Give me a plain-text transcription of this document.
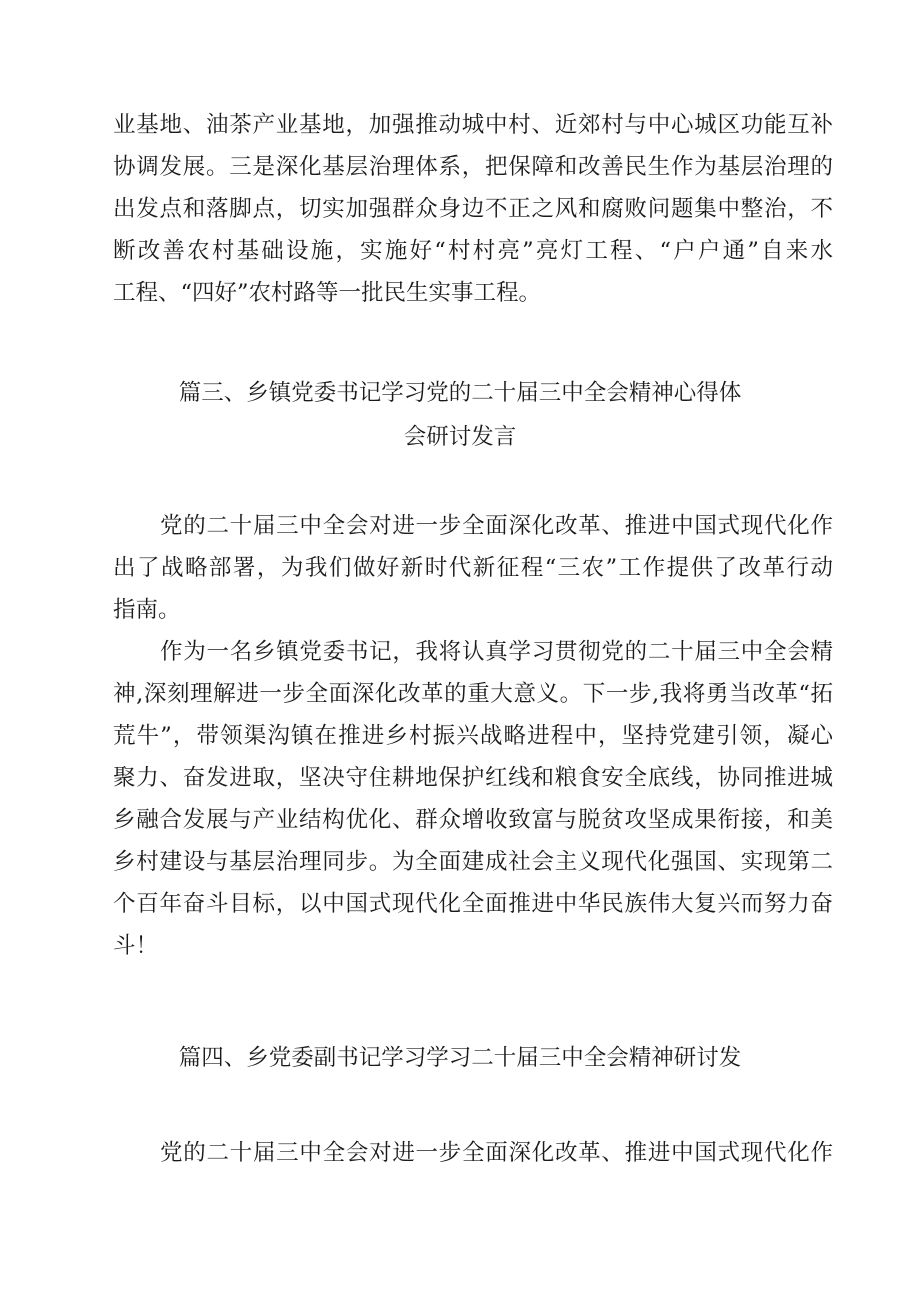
业基地、油茶产业基地，加强推动城中村、近郊村与中心城区功能互补
协调发展。三是深化基层治理体系，把保障和改善民生作为基层治理的
出发点和落脚点，切实加强群众身边不正之风和腐败问题集中整治，不
断改善农村基础设施，实施好“村村亮”亮灯工程、“户户通”自来水
工程、“四好”农村路等一批民生实事工程。
篇三、乡镇党委书记学习党的二十届三中全会精神心得体
会研讨发言
党的二十届三中全会对进一步全面深化改革、推进中国式现代化作
出了战略部署，为我们做好新时代新征程“三农”工作提供了改革行动
指南。
作为一名乡镇党委书记，我将认真学习贯彻党的二十届三中全会精
神,深刻理解进一步全面深化改革的重大意义。下一步,我将勇当改革“拓
荒牛”，带领渠沟镇在推进乡村振兴战略进程中，坚持党建引领，凝心
聚力、奋发进取，坚决守住耕地保护红线和粮食安全底线，协同推进城
乡融合发展与产业结构优化、群众增收致富与脱贫攻坚成果衔接，和美
乡村建设与基层治理同步。为全面建成社会主义现代化强国、实现第二
个百年奋斗目标，以中国式现代化全面推进中华民族伟大复兴而努力奋
斗！
篇四、乡党委副书记学习学习二十届三中全会精神研讨发
党的二十届三中全会对进一步全面深化改革、推进中国式现代化作
